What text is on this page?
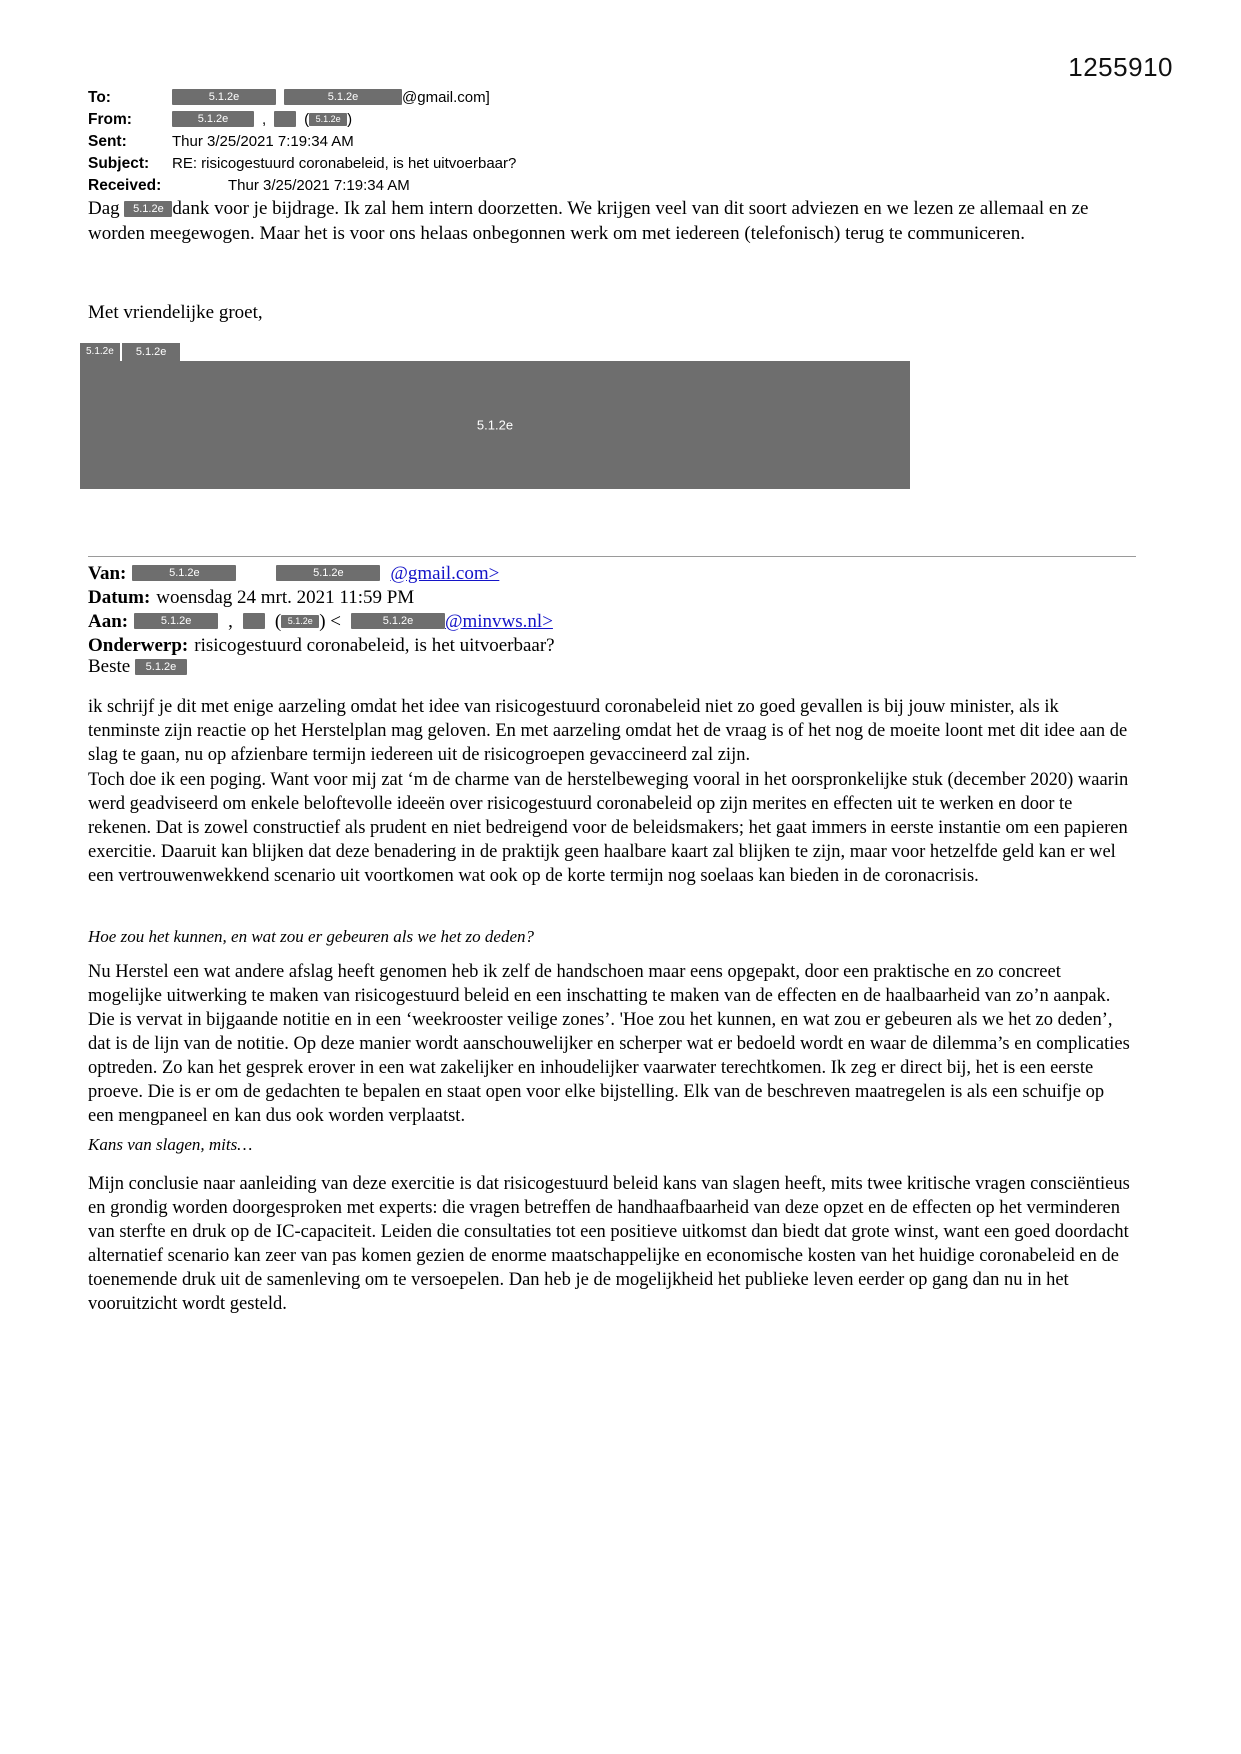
1255910
To:	5.1.2e	5.1.2e	@gmail.com]
From:	5.1.2e ,	( 5.1.2e )
Sent:	Thur 3/25/2021 7:19:34 AM
Subject:	RE: risicogestuurd coronabeleid, is het uitvoerbaar?
Received:	Thur 3/25/2021 7:19:34 AM
Dag 5.1.2e dank voor je bijdrage. Ik zal hem intern doorzetten. We krijgen veel van dit soort adviezen en we lezen ze allemaal en ze worden meegewogen. Maar het is voor ons helaas onbegonnen werk om met iedereen (telefonisch) terug te communiceren.
Met vriendelijke groet,
5.1.2e	5.1.2e
5.1.2e
Van:	5.1.2e	5.1.2e	@gmail.com>
Datum: woensdag 24 mrt. 2021 11:59 PM
Aan:	5.1.2e	,
( 5.1.2e ) <	5.1.2e	@minvws.nl>
Onderwerp: risicogestuurd coronabeleid, is het uitvoerbaar?
Beste 5.1.2e
ik schrijf je dit met enige aarzeling omdat het idee van risicogestuurd coronabeleid niet zo goed gevallen is bij jouw minister, als ik tenminste zijn reactie op het Herstelplan mag geloven. En met aarzeling omdat het de vraag is of het nog de moeite loont met dit idee aan de slag te gaan, nu op afzienbare termijn iedereen uit de risicogroepen gevaccineerd zal zijn.
Toch doe ik een poging. Want voor mij zat ‘m de charme van de herstelbeweging vooral in het oorspronkelijke stuk (december 2020) waarin werd geadviseerd om enkele beloftevolle ideeën over risicogestuurd coronabeleid op zijn merites en effecten uit te werken en door te rekenen. Dat is zowel constructief als prudent en niet bedreigend voor de beleidsmakers; het gaat immers in eerste instantie om een papieren exercitie. Daaruit kan blijken dat deze benadering in de praktijk geen haalbare kaart zal blijken te zijn, maar voor hetzelfde geld kan er wel een vertrouwenwekkend scenario uit voortkomen wat ook op de korte termijn nog soelaas kan bieden in de coronacrisis.
Hoe zou het kunnen, en wat zou er gebeuren als we het zo deden?
Nu Herstel een wat andere afslag heeft genomen heb ik zelf de handschoen maar eens opgepakt, door een praktische en zo concreet mogelijke uitwerking te maken van risicogestuurd beleid en een inschatting te maken van de effecten en de haalbaarheid van zo’n aanpak. Die is vervat in bijgaande notitie en in een ‘weekrooster veilige zones’. 'Hoe zou het kunnen, en wat zou er gebeuren als we het zo deden’, dat is de lijn van de notitie. Op deze manier wordt aanschouwelijker en scherper wat er bedoeld wordt en waar de dilemma’s en complicaties optreden. Zo kan het gesprek erover in een wat zakelijker en inhoudelijker vaarwater terechtkomen. Ik zeg er direct bij, het is een eerste proeve. Die is er om de gedachten te bepalen en staat open voor elke bijstelling. Elk van de beschreven maatregelen is als een schuifje op een mengpaneel en kan dus ook worden verplaatst.
Kans van slagen, mits…
Mijn conclusie naar aanleiding van deze exercitie is dat risicogestuurd beleid kans van slagen heeft, mits twee kritische vragen consciëntieus en grondig worden doorgesproken met experts: die vragen betreffen de handhaafbaarheid van deze opzet en de effecten op het verminderen van sterfte en druk op de IC-capaciteit. Leiden die consultaties tot een positieve uitkomst dan biedt dat grote winst, want een goed doordacht alternatief scenario kan zeer van pas komen gezien de enorme maatschappelijke en economische kosten van het huidige coronabeleid en de toenemende druk uit de samenleving om te versoepelen. Dan heb je de mogelijkheid het publieke leven eerder op gang dan nu in het vooruitzicht wordt gesteld.
